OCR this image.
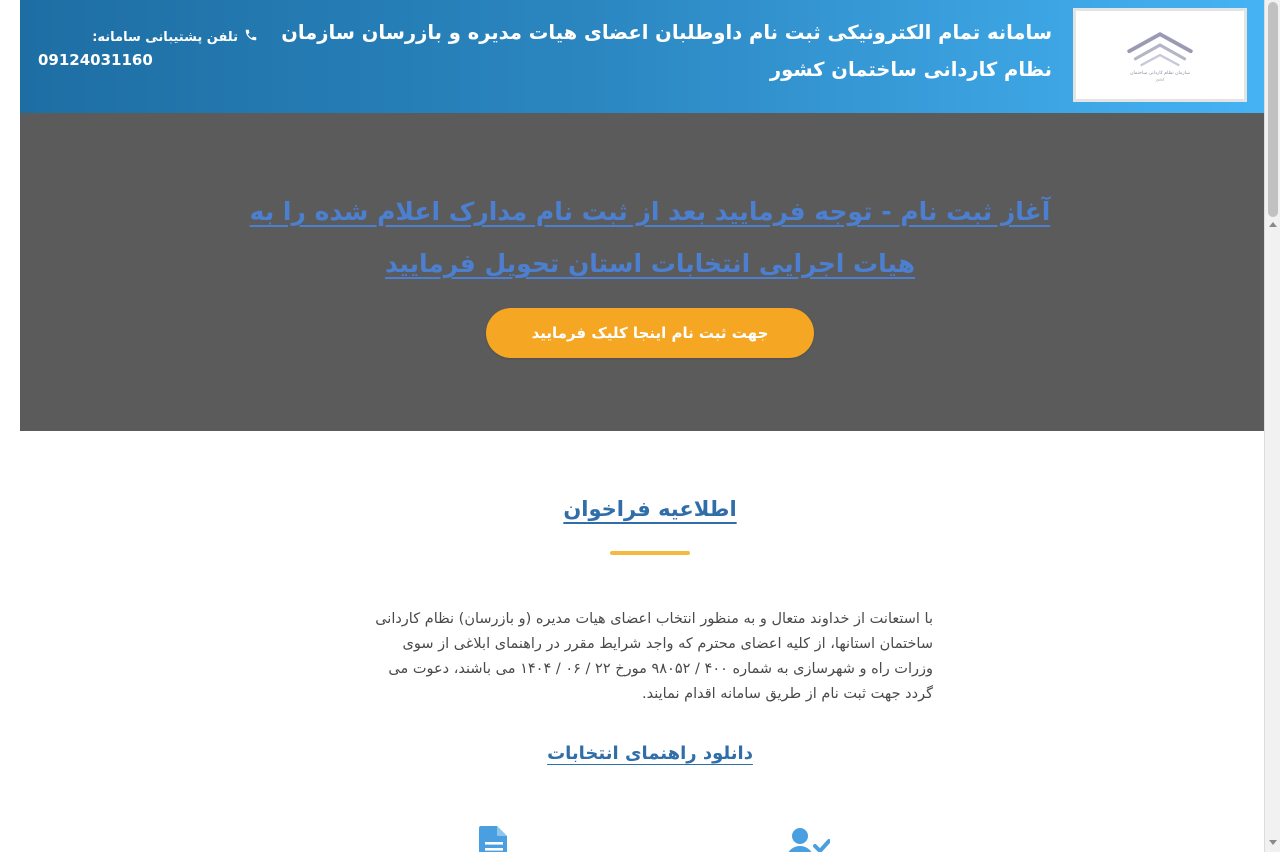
تلفن پشتیبانی سامانه:
09124031160
سامانه تمام الکترونیکی ثبت نام داوطلبان اعضای هیات مدیره و بازرسان سازمان
نظام کاردانی ساختمان کشور	سازمان نظام کاردانی ساختمان
کشور
آغاز ثبت نام - توجه فرمایید بعد از ثبت نام مدارک اعلام شده را به هیات اجرایی انتخابات استان تحویل فرمایید
جهت ثبت نام اینجا کلیک فرمایید
اطلاعیه فراخوان

با استعانت از خداوند متعال و به منظور انتخاب اعضای هیات مدیره (و بازرسان) نظام کاردانی ساختمان استانها، از کلیه اعضای محترم که واجد شرایط مقرر در راهنمای ابلاغی از سوی وزرات راه و شهرسازی به شماره ۴۰۰ / ۹۸۰۵۲ مورخ ۲۲ / ۰۶ / ۱۴۰۴ می باشند، دعوت می گردد جهت ثبت نام از طریق سامانه اقدام نمایند.

دانلود راهنمای انتخابات
